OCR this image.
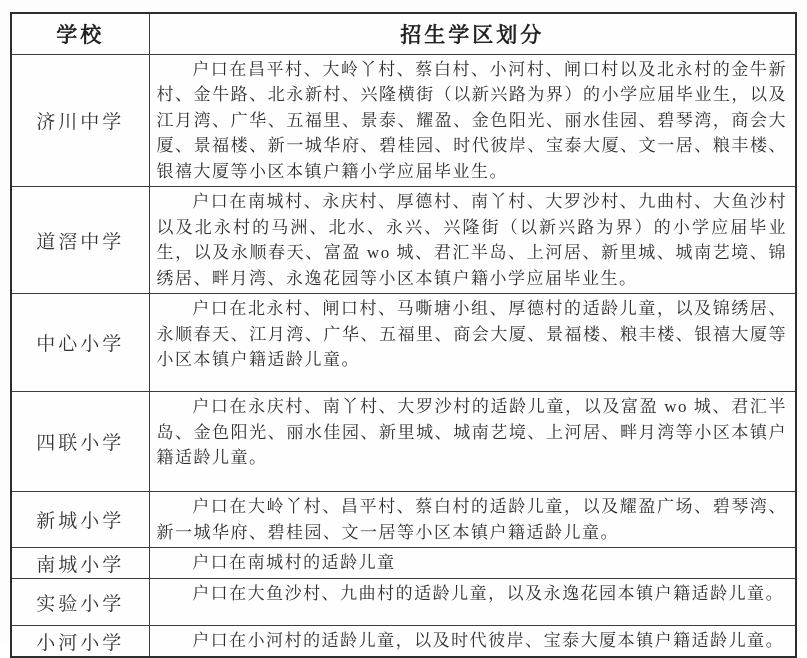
学校	招生学区划分
济川中学	户口在昌平村、大岭丫村、蔡白村、小河村、闸口村以及北永村的金牛新村、金牛路、北永新村、兴隆横街（以新兴路为界）的小学应届毕业生，以及江月湾、广华、五福里、景泰、耀盈、金色阳光、丽水佳园、碧琴湾，商会大厦、景福楼、新一城华府、碧桂园、时代彼岸、宝泰大厦、文一居、粮丰楼、银禧大厦等小区本镇户籍小学应届毕业生。
道滘中学	户口在南城村、永庆村、厚德村、南丫村、大罗沙村、九曲村、大鱼沙村以及北永村的马洲、北水、永兴、兴隆街（以新兴路为界）的小学应届毕业生，以及永顺春天、富盈 wo 城、君汇半岛、上河居、新里城、城南艺境、锦绣居、畔月湾、永逸花园等小区本镇户籍小学应届毕业生。
中心小学	户口在北永村、闸口村、马嘶塘小组、厚德村的适龄儿童，以及锦绣居、永顺春天、江月湾、广华、五福里、商会大厦、景福楼、粮丰楼、银禧大厦等小区本镇户籍适龄儿童。
四联小学	户口在永庆村、南丫村、大罗沙村的适龄儿童，以及富盈 wo 城、君汇半岛、金色阳光、丽水佳园、新里城、城南艺境、上河居、畔月湾等小区本镇户籍适龄儿童。
新城小学	户口在大岭丫村、昌平村、蔡白村的适龄儿童，以及耀盈广场、碧琴湾、新一城华府、碧桂园、文一居等小区本镇户籍适龄儿童。
南城小学	户口在南城村的适龄儿童
实验小学	户口在大鱼沙村、九曲村的适龄儿童，以及永逸花园本镇户籍适龄儿童。
小河小学	户口在小河村的适龄儿童，以及时代彼岸、宝泰大厦本镇户籍适龄儿童。
